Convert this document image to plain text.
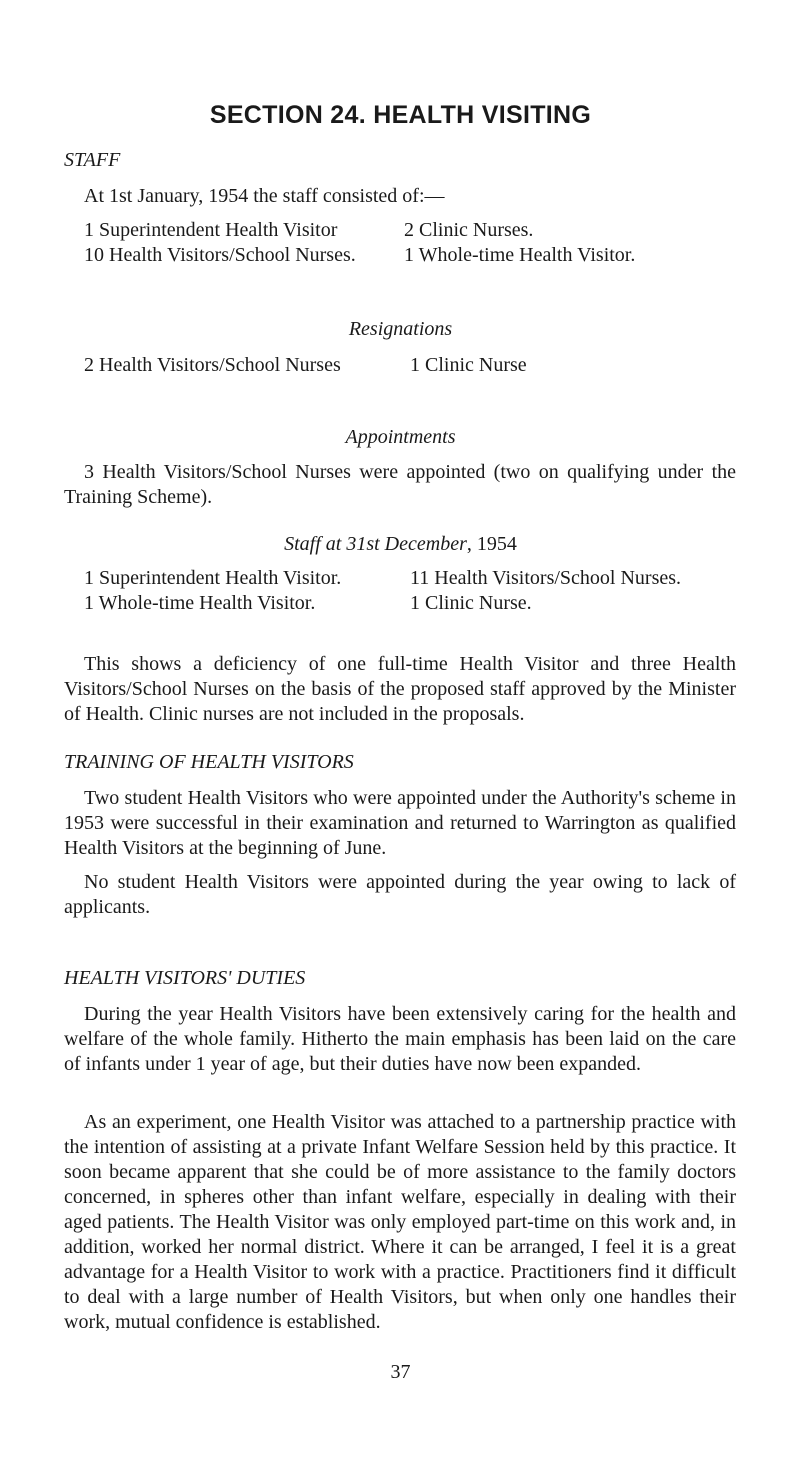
SECTION 24. HEALTH VISITING

STAFF

At 1st January, 1954 the staff consisted of:—

1 Superintendent Health Visitor	2 Clinic Nurses.

10 Health Visitors/School Nurses. 1 Whole-time Health Visitor.

Resignations

2 Health Visitors/School Nurses	1 Clinic Nurse

Appointments

3 Health Visitors/School Nurses were appointed (two on qualifying under the Training Scheme).

Staff at 31st December, 1954

1 Superintendent Health Visitor.	11 Health Visitors/School Nurses.

1 Whole-time Health Visitor.	1 Clinic Nurse.

This shows a deficiency of one full-time Health Visitor and three Health Visitors/School Nurses on the basis of the proposed staff approved by the Minister of Health. Clinic nurses are not included in the proposals.

TRAINING OF HEALTH VISITORS

Two student Health Visitors who were appointed under the Authority's scheme in 1953 were successful in their examination and returned to Warrington as qualified Health Visitors at the beginning of June.

No student Health Visitors were appointed during the year owing to lack of applicants.

HEALTH VISITORS' DUTIES

During the year Health Visitors have been extensively caring for the health and welfare of the whole family. Hitherto the main emphasis has been laid on the care of infants under 1 year of age, but their duties have now been expanded.

As an experiment, one Health Visitor was attached to a partnership practice with the intention of assisting at a private Infant Welfare Session held by this practice. It soon became apparent that she could be of more assistance to the family doctors concerned, in spheres other than infant welfare, especially in dealing with their aged patients. The Health Visitor was only employed part-time on this work and, in addition, worked her normal district. Where it can be arranged, I feel it is a great advantage for a Health Visitor to work with a practice. Practitioners find it difficult to deal with a large number of Health Visitors, but when only one handles their work, mutual confidence is established.

37
